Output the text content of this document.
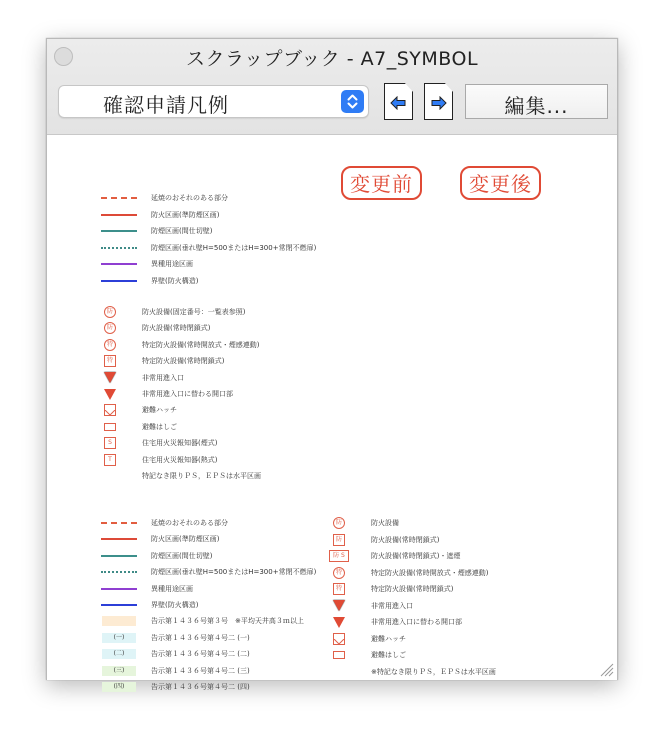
スクラップブック - A7_SYMBOL
確認申請凡例	編集...
変更前	変更後
延焼のおそれのある部分
防火区画(準防煙区画)
防煙区画(間仕切壁)
防煙区画(垂れ壁H=500またはH=300+常閉不燃扉)
異種用途区画
界壁(防火構造)
防	防火設備(固定番号：一覧表参照)
防	防火設備(常時閉鎖式)
特	特定防火設備(常時開放式・煙感連動)
特	特定防火設備(常時閉鎖式)
非常用進入口
非常用進入口に替わる開口部
避難ハッチ
避難はしご
S	住宅用火災報知器(煙式)
T	住宅用火災報知器(熱式)
特記なき限りＰＳ，ＥＰＳは水平区画
延焼のおそれのある部分
防火区画(準防煙区画)
防煙区画(間仕切壁)
防煙区画(垂れ壁H=500またはH=300+常閉不燃扉)
異種用途区画
界壁(防火構造)
告示第１４３６号第３号　※平均天井高３ｍ以上
(一)	告示第１４３６号第４号二 (一)
(二)	告示第１４３６号第４号二 (二)
(三)	告示第１４３６号第４号二 (三)
(四)	告示第１４３６号第４号二 (四)
防	防火設備
防	防火設備(常時閉鎖式)
防 S	防火設備(常時閉鎖式)・遮煙
特	特定防火設備(常時開放式・煙感連動)
特	特定防火設備(常時閉鎖式)
非常用進入口
非常用進入口に替わる開口部
避難ハッチ
避難はしご
※特記なき限りＰＳ，ＥＰＳは水平区画
